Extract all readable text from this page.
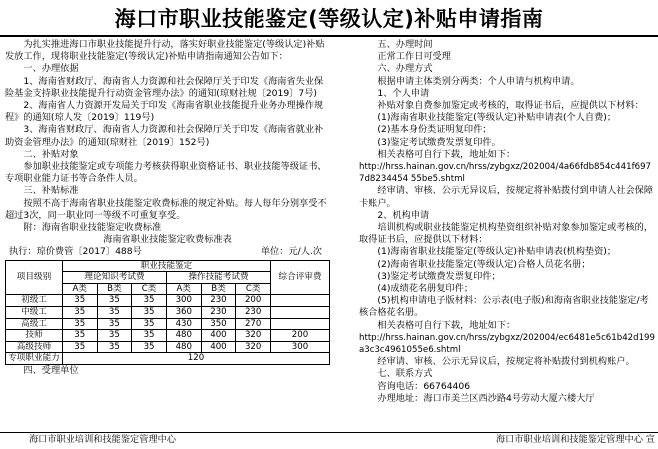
海口市职业技能鉴定(等级认定)补贴申请指南

为扎实推进海口市职业技能提升行动，落实好职业技能鉴定(等级认定)补贴发放工作，现将职业技能鉴定(等级认定)补贴申请指南通知公告如下：

一、办理依据

1、海南省财政厅、海南省人力资源和社会保障厅关于印发《海南省失业保险基金支持职业技能提升行动资金管理办法》的通知(琼财社规〔2019〕7号)

2、海南省人力资源开发局关于印发《海南省职业技能提升业务办理操作规程》的通知(琼人发〔2019〕119号)

3、海南省财政厅、海南省人力资源和社会保障厅关于印发《海南省就业补助资金管理办法》的通知(琼财社〔2019〕152号)

二、补贴对象

参加职业技能鉴定或专项能力考核获得职业资格证书、职业技能等级证书、专项职业能力证书等合条件人员。

三、补贴标准

按照不高于海南省职业技能鉴定收费标准的规定补贴。每人每年分别享受不超过3次，同一职业同一等级不可重复享受。

附：海南省职业技能鉴定收费标准

海南省职业技能鉴定收费标准表

执行：琼价费管〔2017〕488号	单位：元/人.次
项目级别	职业技能鉴定						综合评审费
	理论知识考试费			操作技能考试费			
	A类	B类	C类	A类	B类	C类	
初级工	35	35	35	300	230	200	
中级工	35	35	35	360	230	230	
高级工	35	35	35	430	350	270	
技师	35	35	35	480	400	320	200
高级技师	35	35	35	480	400	320	300
专项职业能力	120						

四、受理单位

五、办理时间

正常工作日可受理

六、办理方式

根据申请主体类别分两类：个人申请与机构申请。

1、个人申请

补贴对象自费参加鉴定或考核的，取得证书后，应提供以下材料：

(1)海南省职业技能鉴定(等级认定)补贴申请表(个人自费)；

(2)基本身份类证明复印件；

(3)鉴定考试缴费发票复印件。

相关表格可自行下载，地址如下：

http://hrss.hainan.gov.cn/hrss/zybgxz/202004/4a66fdb854c441f6977d8234454 55be5.shtml

经审请、审核、公示无异议后，按规定将补贴拨付到申请人社会保障卡账户。

2、机构申请

培训机构或职业技能鉴定机构垫资组织补贴对象参加鉴定或考核的，取得证书后，应提供以下材料：

(1)海南省职业技能鉴定(等级认定)补贴申请表(机构垫资)；

(2)海南省职业技能鉴定(等级认定)合格人员花名册；

(3)鉴定考试缴费发票复印件；

(4)成绩花名册复印件；

(5)机构申请电子版材料：公示表(电子版)和海南省职业技能鉴定/考核合格花名册。

相关表格可自行下载，地址如下：

http://hrss.hainan.gov.cn/hrss/zybgxz/202004/ec6481e5c61b42d199a3c3c4961055e6.shtml

经审请、审核、公示无异议后，按规定将补贴拨付到机构账户。

七、联系方式

咨询电话：66764406

办理地址：海口市美兰区西沙路4号劳动大厦六楼大厅

海口市职业培训和技能鉴定管理中心	海口市职业培训和技能鉴定管理中心 宣
